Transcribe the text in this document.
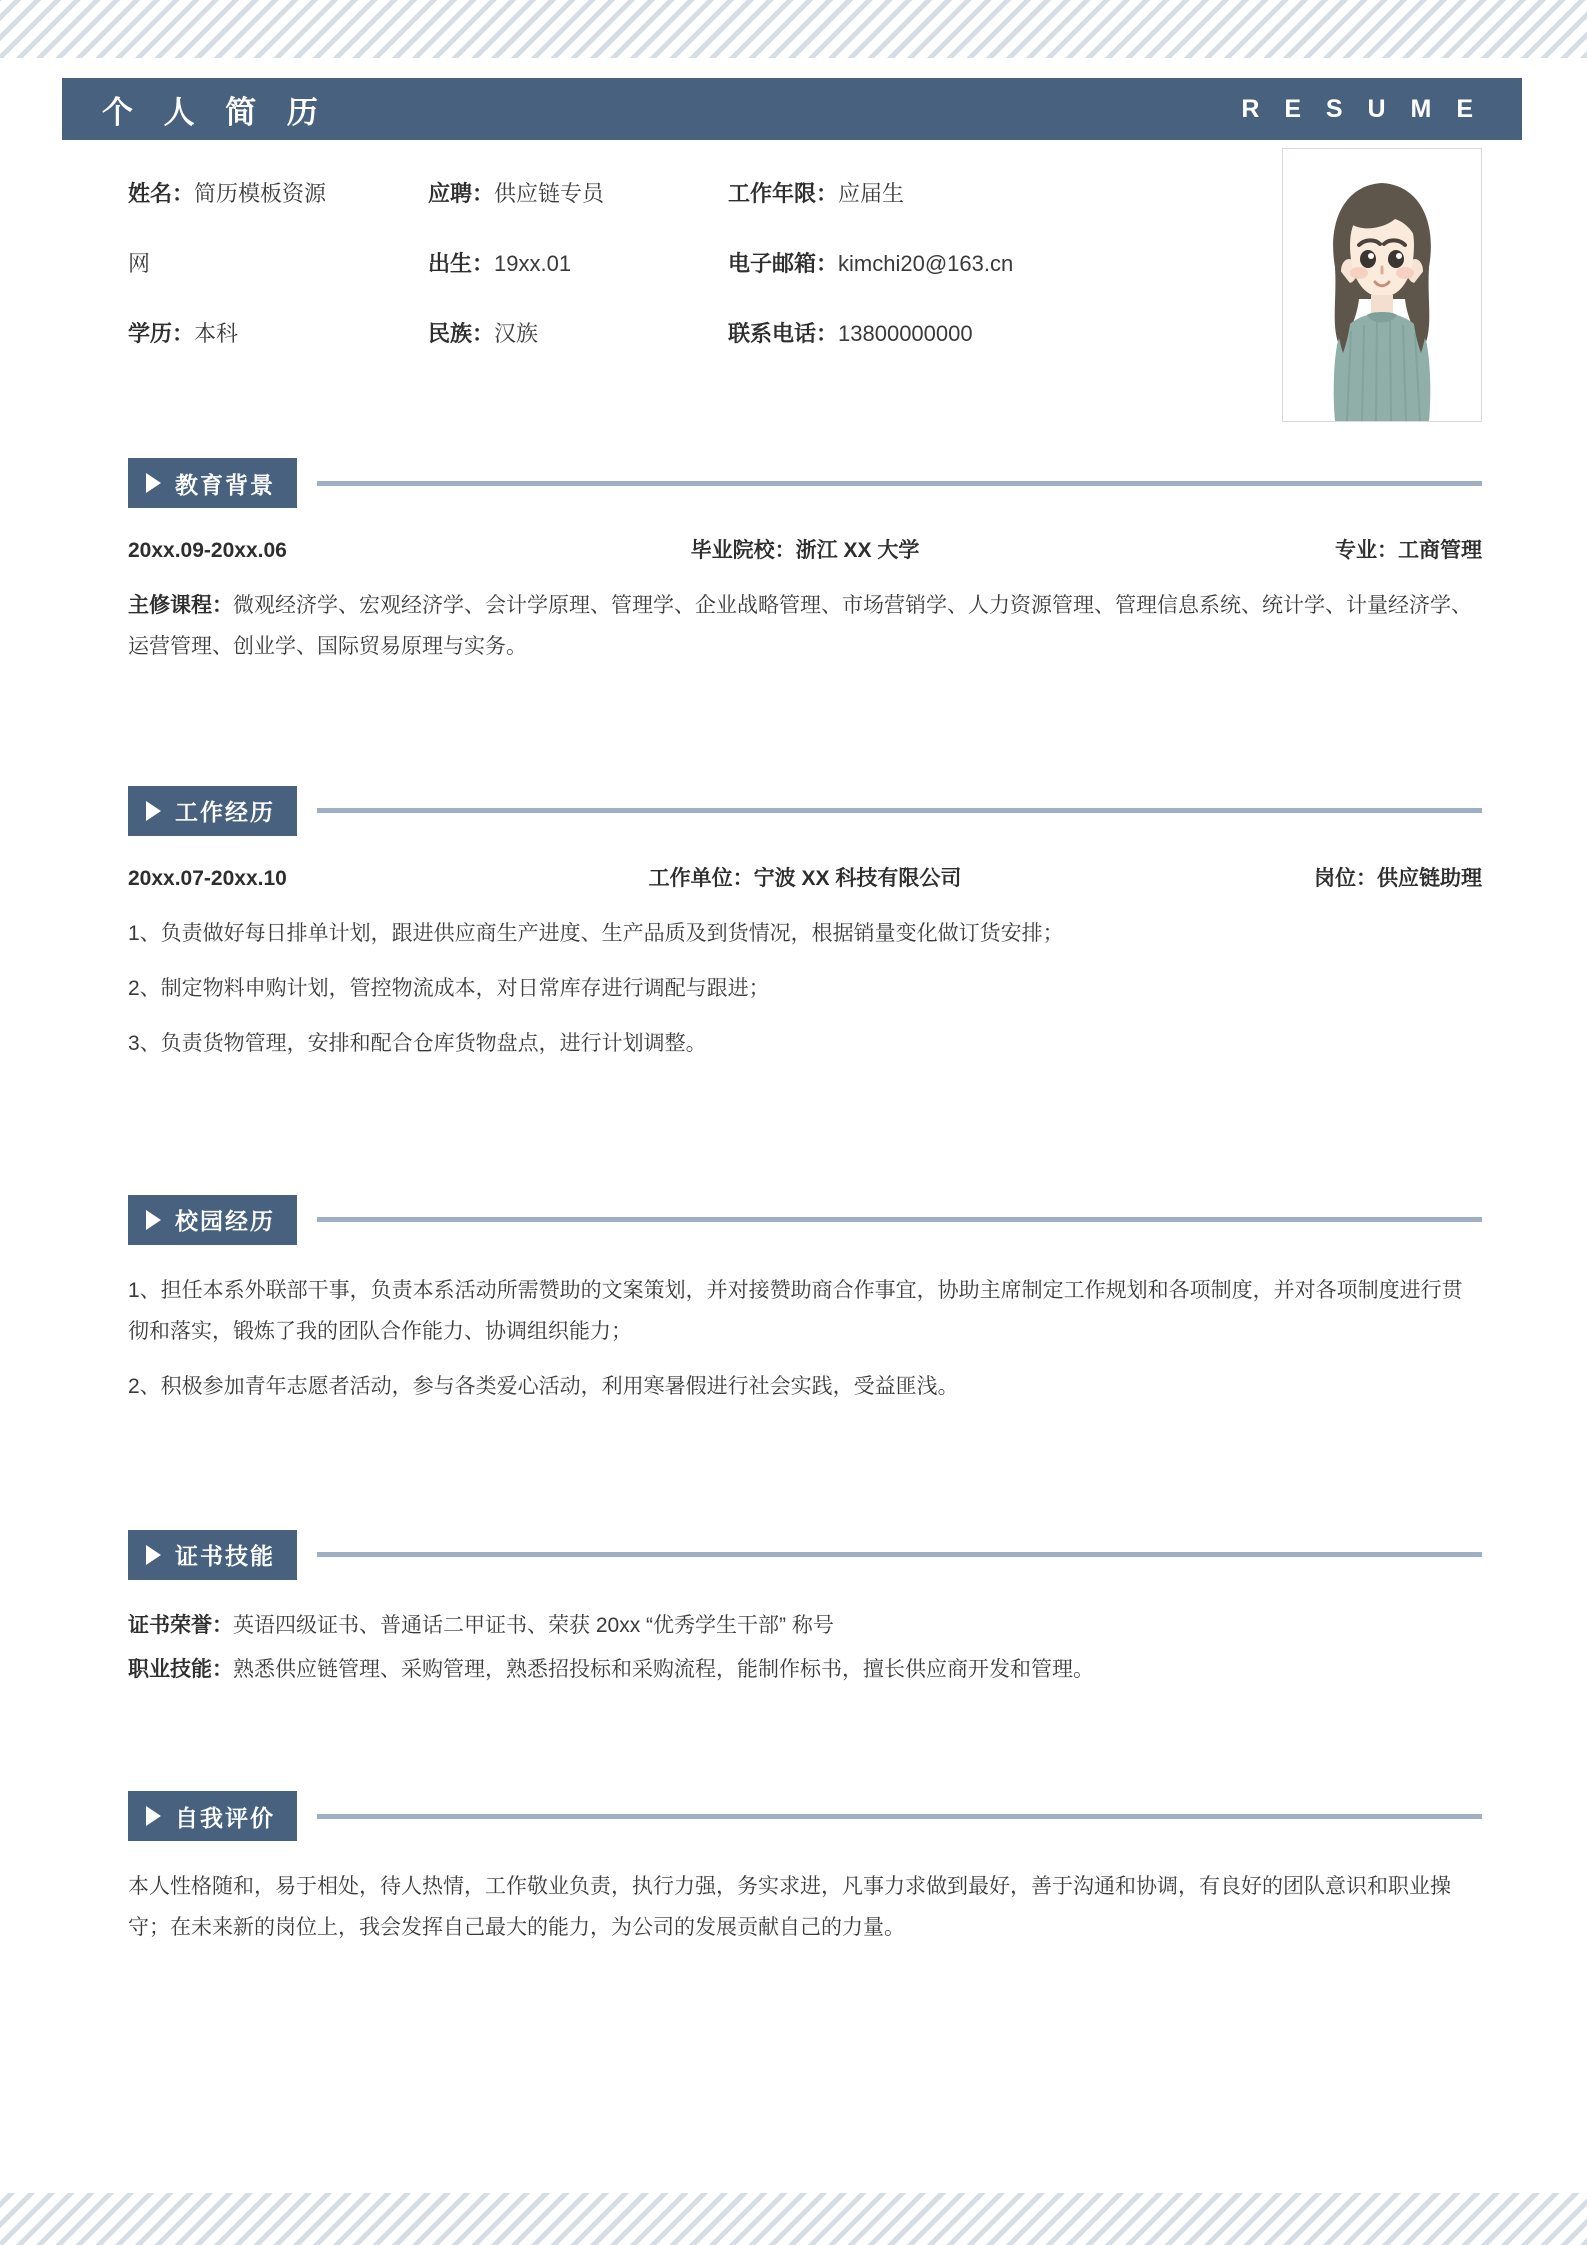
个 人 简 历	R E S U M E
姓名：简历模板资源	应聘：供应链专员	工作年限：应届生
网	出生：19xx.01	电子邮箱：kimchi20@163.cn
学历：本科	民族：汉族	联系电话：13800000000
教育背景
20xx.09-20xx.06	毕业院校：浙江 XX 大学	专业：工商管理

主修课程：微观经济学、宏观经济学、会计学原理、管理学、企业战略管理、市场营销学、人力资源管理、管理信息系统、统计学、计量经济学、运营管理、创业学、国际贸易原理与实务。

工作经历
20xx.07-20xx.10	工作单位：宁波 XX 科技有限公司	岗位：供应链助理

1、负责做好每日排单计划，跟进供应商生产进度、生产品质及到货情况，根据销量变化做订货安排；

2、制定物料申购计划，管控物流成本，对日常库存进行调配与跟进；

3、负责货物管理，安排和配合仓库货物盘点，进行计划调整。

校园经历

1、担任本系外联部干事，负责本系活动所需赞助的文案策划，并对接赞助商合作事宜，协助主席制定工作规划和各项制度，并对各项制度进行贯彻和落实，锻炼了我的团队合作能力、协调组织能力；

2、积极参加青年志愿者活动，参与各类爱心活动，利用寒暑假进行社会实践，受益匪浅。

证书技能

证书荣誉：英语四级证书、普通话二甲证书、荣获 20xx “优秀学生干部” 称号

职业技能：熟悉供应链管理、采购管理，熟悉招投标和采购流程，能制作标书，擅长供应商开发和管理。

自我评价

本人性格随和，易于相处，待人热情，工作敬业负责，执行力强，务实求进，凡事力求做到最好，善于沟通和协调，有良好的团队意识和职业操守；在未来新的岗位上，我会发挥自己最大的能力，为公司的发展贡献自己的力量。
